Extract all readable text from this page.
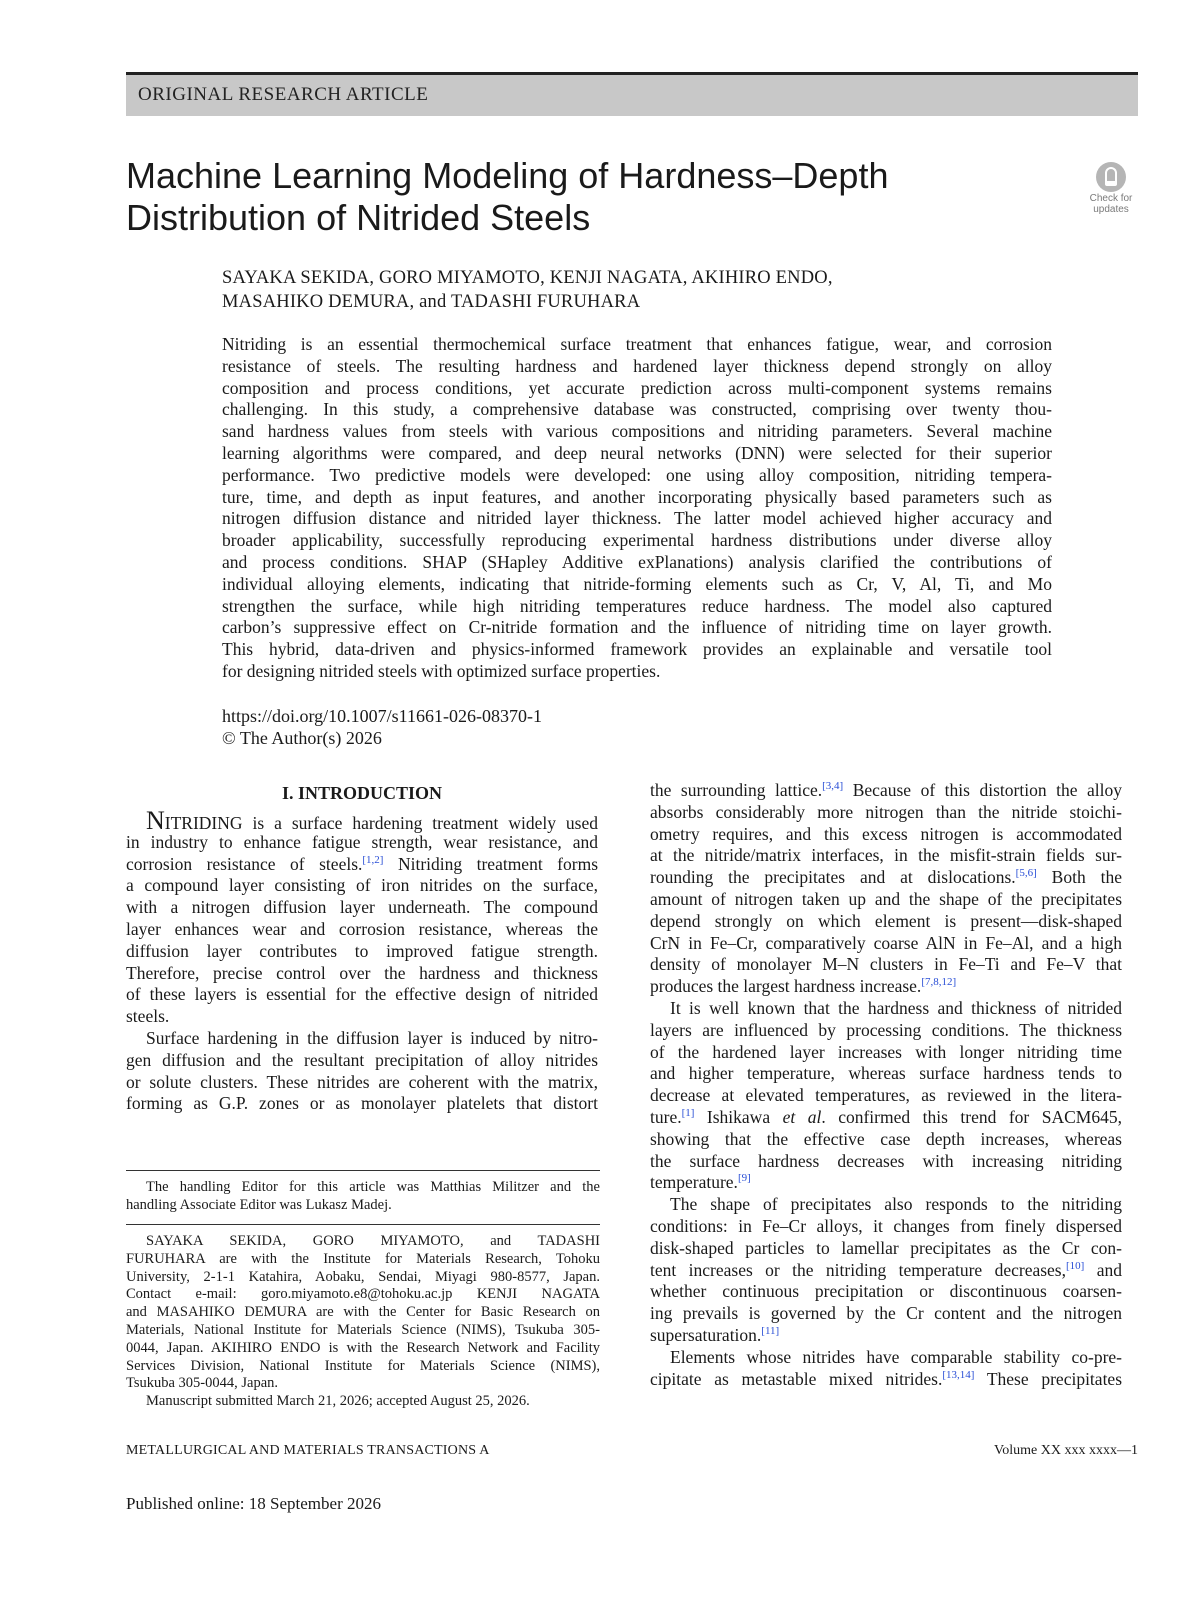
ORIGINAL RESEARCH ARTICLE
Machine Learning Modeling of Hardness–Depth
Distribution of Nitrided Steels	Check for
updates
SAYAKA SEKIDA, GORO MIYAMOTO, KENJI NAGATA, AKIHIRO ENDO,
MASAHIKO DEMURA, and TADASHI FURUHARA
Nitriding is an essential thermochemical surface treatment that enhances fatigue, wear, and corrosion
resistance of steels. The resulting hardness and hardened layer thickness depend strongly on alloy
composition and process conditions, yet accurate prediction across multi-component systems remains
challenging. In this study, a comprehensive database was constructed, comprising over twenty thou-
sand hardness values from steels with various compositions and nitriding parameters. Several machine
learning algorithms were compared, and deep neural networks (DNN) were selected for their superior
performance. Two predictive models were developed: one using alloy composition, nitriding tempera-
ture, time, and depth as input features, and another incorporating physically based parameters such as
nitrogen diffusion distance and nitrided layer thickness. The latter model achieved higher accuracy and
broader applicability, successfully reproducing experimental hardness distributions under diverse alloy
and process conditions. SHAP (SHapley Additive exPlanations) analysis clarified the contributions of
individual alloying elements, indicating that nitride-forming elements such as Cr, V, Al, Ti, and Mo
strengthen the surface, while high nitriding temperatures reduce hardness. The model also captured
carbon’s suppressive effect on Cr-nitride formation and the influence of nitriding time on layer growth.
This hybrid, data-driven and physics-informed framework provides an explainable and versatile tool
for designing nitrided steels with optimized surface properties.
https://doi.org/10.1007/s11661-026-08370-1
© The Author(s) 2026
I. INTRODUCTION
NITRIDING is a surface hardening treatment widely used
in industry to enhance fatigue strength, wear resistance, and
corrosion resistance of steels.[1,2] Nitriding treatment forms
a compound layer consisting of iron nitrides on the surface,
with a nitrogen diffusion layer underneath. The compound
layer enhances wear and corrosion resistance, whereas the
diffusion layer contributes to improved fatigue strength.
Therefore, precise control over the hardness and thickness
of these layers is essential for the effective design of nitrided
steels.
Surface hardening in the diffusion layer is induced by nitro-
gen diffusion and the resultant precipitation of alloy nitrides
or solute clusters. These nitrides are coherent with the matrix,
forming as G.P. zones or as monolayer platelets that distort
The handling Editor for this article was Matthias Militzer and the
handling Associate Editor was Lukasz Madej.
SAYAKA SEKIDA, GORO MIYAMOTO, and TADASHI
FURUHARA are with the Institute for Materials Research, Tohoku
University, 2-1-1 Katahira, Aobaku, Sendai, Miyagi 980-8577, Japan.
Contact e-mail: goro.miyamoto.e8@tohoku.ac.jp KENJI NAGATA
and MASAHIKO DEMURA are with the Center for Basic Research on
Materials, National Institute for Materials Science (NIMS), Tsukuba 305-
0044, Japan. AKIHIRO ENDO is with the Research Network and Facility
Services Division, National Institute for Materials Science (NIMS),
Tsukuba 305-0044, Japan.
Manuscript submitted March 21, 2026; accepted August 25, 2026.
the surrounding lattice.[3,4] Because of this distortion the alloy
absorbs considerably more nitrogen than the nitride stoichi-
ometry requires, and this excess nitrogen is accommodated
at the nitride/matrix interfaces, in the misfit-strain fields sur-
rounding the precipitates and at dislocations.[5,6] Both the
amount of nitrogen taken up and the shape of the precipitates
depend strongly on which element is present—disk-shaped
CrN in Fe–Cr, comparatively coarse AlN in Fe–Al, and a high
density of monolayer M–N clusters in Fe–Ti and Fe–V that
produces the largest hardness increase.[7,8,12]
It is well known that the hardness and thickness of nitrided
layers are influenced by processing conditions. The thickness
of the hardened layer increases with longer nitriding time
and higher temperature, whereas surface hardness tends to
decrease at elevated temperatures, as reviewed in the litera-
ture.[1] Ishikawa et al. confirmed this trend for SACM645,
showing that the effective case depth increases, whereas
the surface hardness decreases with increasing nitriding
temperature.[9]
The shape of precipitates also responds to the nitriding
conditions: in Fe–Cr alloys, it changes from finely dispersed
disk-shaped particles to lamellar precipitates as the Cr con-
tent increases or the nitriding temperature decreases,[10] and
whether continuous precipitation or discontinuous coarsen-
ing prevails is governed by the Cr content and the nitrogen
supersaturation.[11]
Elements whose nitrides have comparable stability co-pre-
cipitate as metastable mixed nitrides.[13,14] These precipitates
METALLURGICAL AND MATERIALS TRANSACTIONS A	Volume XX xxx xxxx—1
Published online: 18 September 2026
